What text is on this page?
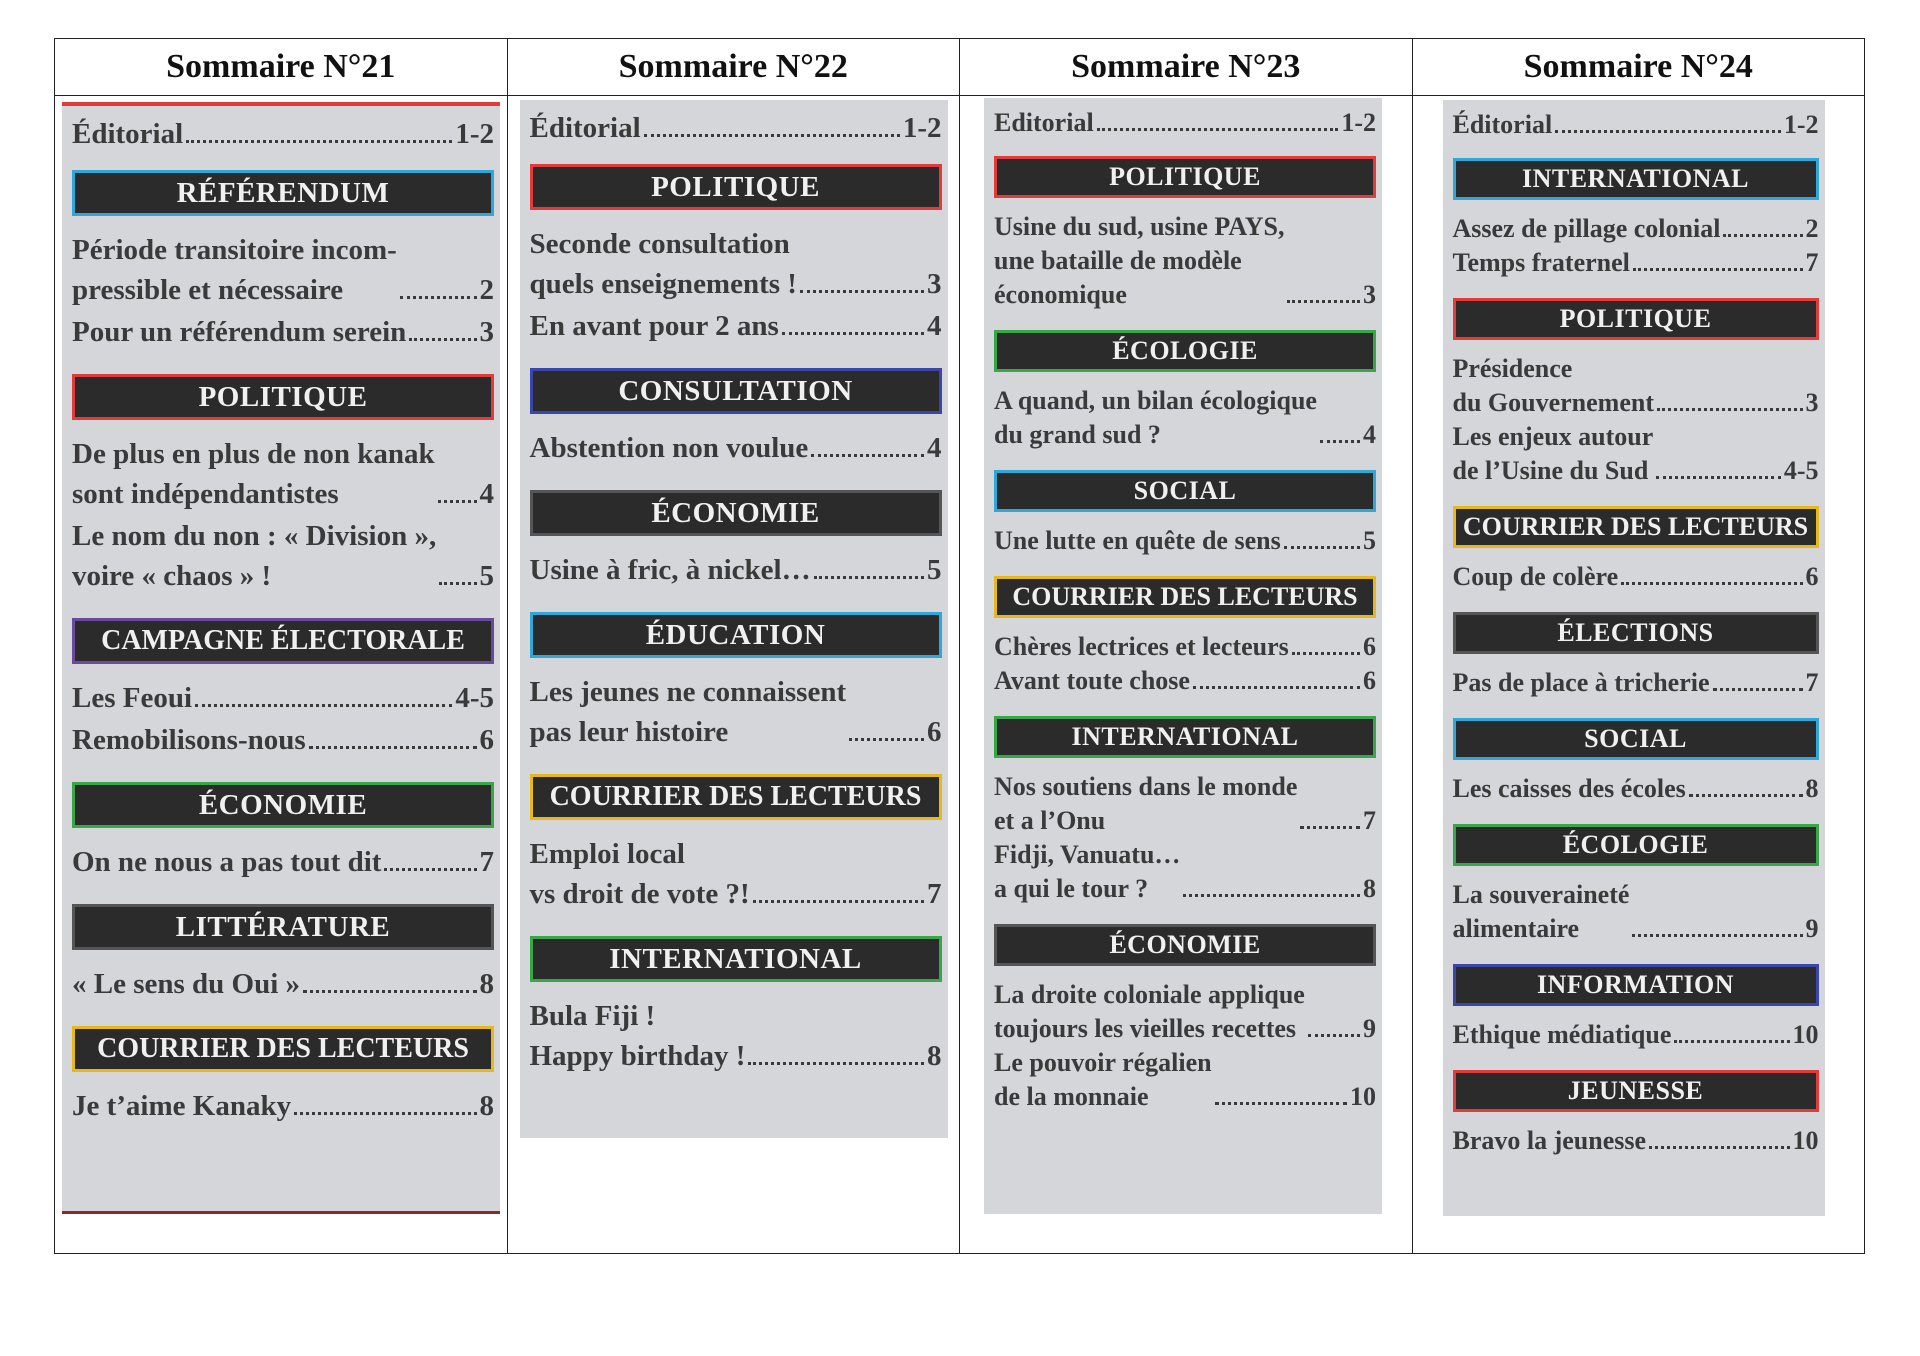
Sommaire N°21	Sommaire N°22	Sommaire N°23	Sommaire N°24
Éditorial	1-2
RÉFÉRENDUM
Période transitoire incom-
pressible et nécessaire	2
Pour un référendum serein	3
POLITIQUE
De plus en plus de non kanak
sont indépendantistes	4
Le nom du non : « Division »,
voire « chaos » !	5
CAMPAGNE ÉLECTORALE
Les Feoui	4-5
Remobilisons-nous	6
ÉCONOMIE
On ne nous a pas tout dit	7
LITTÉRATURE
« Le sens du Oui »	8
COURRIER DES LECTEURS
Je t’aime Kanaky	8
Éditorial	1-2
POLITIQUE
Seconde consultation
quels enseignements !	3
En avant pour 2 ans	4
CONSULTATION
Abstention non voulue	4
ÉCONOMIE
Usine à fric, à nickel…	5
ÉDUCATION
Les jeunes ne connaissent
pas leur histoire	6
COURRIER DES LECTEURS
Emploi local
vs droit de vote ?!	7
INTERNATIONAL
Bula Fiji !
Happy birthday !	8
Editorial	1-2
POLITIQUE
Usine du sud, usine PAYS,
une bataille de modèle
économique	3
ÉCOLOGIE
A quand, un bilan écologique
du grand sud ?	4
SOCIAL
Une lutte en quête de sens	5
COURRIER DES LECTEURS
Chères lectrices et lecteurs	6
Avant toute chose	6
INTERNATIONAL
Nos soutiens dans le monde
et a l’Onu	7
Fidji, Vanuatu…
a qui le tour ?	8
ÉCONOMIE
La droite coloniale applique
toujours les vieilles recettes	9
Le pouvoir régalien
de la monnaie	10
Éditorial	1-2
INTERNATIONAL
Assez de pillage colonial	2
Temps fraternel	7
POLITIQUE
Présidence
du Gouvernement	3
Les enjeux autour
de l’Usine du Sud	4-5
COURRIER DES LECTEURS
Coup de colère	6
ÉLECTIONS
Pas de place à tricherie	7
SOCIAL
Les caisses des écoles	8
ÉCOLOGIE
La souveraineté
alimentaire	9
INFORMATION
Ethique médiatique	10
JEUNESSE
Bravo la jeunesse	10
